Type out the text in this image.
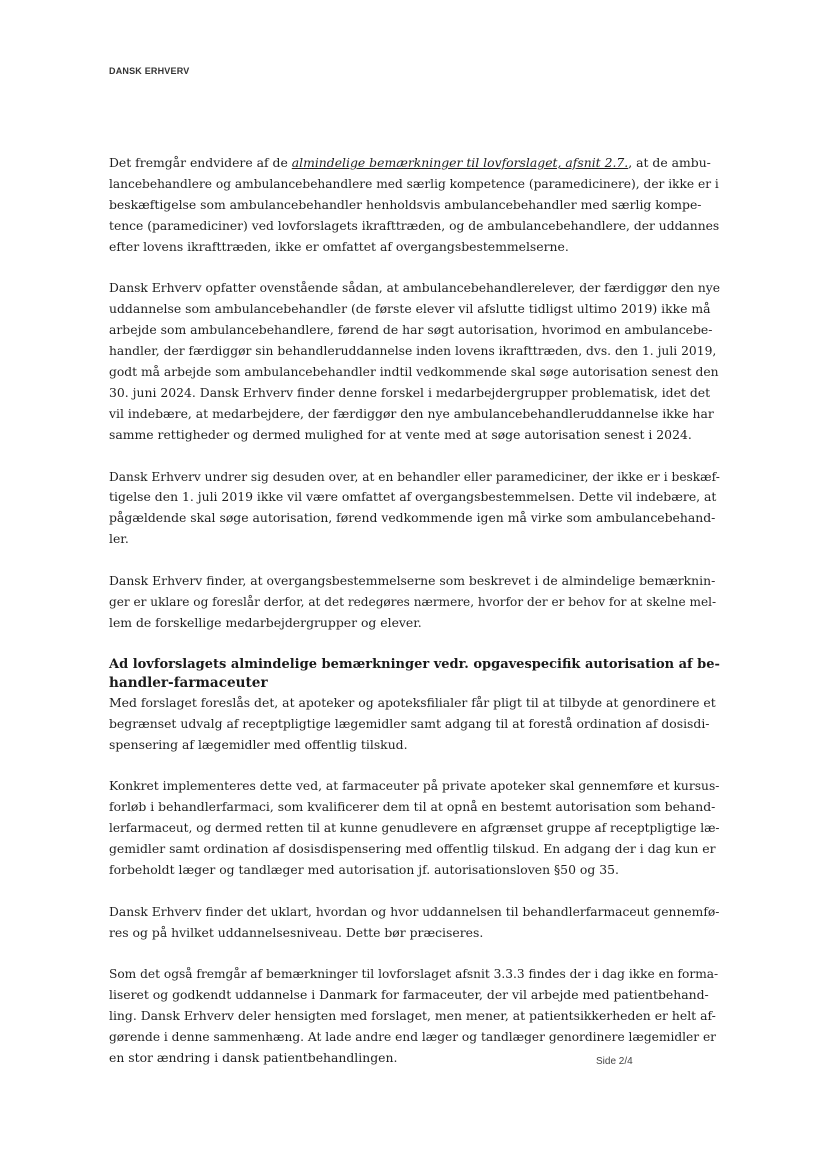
DANSK ERHVERV
Det fremgår endvidere af de almindelige bemærkninger til lovforslaget, afsnit 2.7., at de ambu-
lancebehandlere og ambulancebehandlere med særlig kompetence (paramedicinere), der ikke er i
beskæftigelse som ambulancebehandler henholdsvis ambulancebehandler med særlig kompe-
tence (paramediciner) ved lovforslagets ikrafttræden, og de ambulancebehandlere, der uddannes
efter lovens ikrafttræden, ikke er omfattet af overgangsbestemmelserne.
Dansk Erhverv opfatter ovenstående sådan, at ambulancebehandlerelever, der færdiggør den nye
uddannelse som ambulancebehandler (de første elever vil afslutte tidligst ultimo 2019) ikke må
arbejde som ambulancebehandlere, førend de har søgt autorisation, hvorimod en ambulancebe-
handler, der færdiggør sin behandleruddannelse inden lovens ikrafttræden, dvs. den 1. juli 2019,
godt må arbejde som ambulancebehandler indtil vedkommende skal søge autorisation senest den
30. juni 2024. Dansk Erhverv finder denne forskel i medarbejdergrupper problematisk, idet det
vil indebære, at medarbejdere, der færdiggør den nye ambulancebehandleruddannelse ikke har
samme rettigheder og dermed mulighed for at vente med at søge autorisation senest i 2024.
Dansk Erhverv undrer sig desuden over, at en behandler eller paramediciner, der ikke er i beskæf-
tigelse den 1. juli 2019 ikke vil være omfattet af overgangsbestemmelsen. Dette vil indebære, at
pågældende skal søge autorisation, førend vedkommende igen må virke som ambulancebehand-
ler.
Dansk Erhverv finder, at overgangsbestemmelserne som beskrevet i de almindelige bemærknin-
ger er uklare og foreslår derfor, at det redegøres nærmere, hvorfor der er behov for at skelne mel-
lem de forskellige medarbejdergrupper og elever.
Ad lovforslagets almindelige bemærkninger vedr. opgavespecifik autorisation af be-
handler-farmaceuter
Med forslaget foreslås det, at apoteker og apoteksfilialer får pligt til at tilbyde at genordinere et
begrænset udvalg af receptpligtige lægemidler samt adgang til at forestå ordination af dosisdi-
spensering af lægemidler med offentlig tilskud.
Konkret implementeres dette ved, at farmaceuter på private apoteker skal gennemføre et kursus-
forløb i behandlerfarmaci, som kvalificerer dem til at opnå en bestemt autorisation som behand-
lerfarmaceut, og dermed retten til at kunne genudlevere en afgrænset gruppe af receptpligtige læ-
gemidler samt ordination af dosisdispensering med offentlig tilskud. En adgang der i dag kun er
forbeholdt læger og tandlæger med autorisation jf. autorisationsloven §50 og 35.
Dansk Erhverv finder det uklart, hvordan og hvor uddannelsen til behandlerfarmaceut gennemfø-
res og på hvilket uddannelsesniveau. Dette bør præciseres.
Som det også fremgår af bemærkninger til lovforslaget afsnit 3.3.3 findes der i dag ikke en forma-
liseret og godkendt uddannelse i Danmark for farmaceuter, der vil arbejde med patientbehand-
ling. Dansk Erhverv deler hensigten med forslaget, men mener, at patientsikkerheden er helt af-
gørende i denne sammenhæng. At lade andre end læger og tandlæger genordinere lægemidler er
en stor ændring i dansk patientbehandlingen.	Side 2/4
